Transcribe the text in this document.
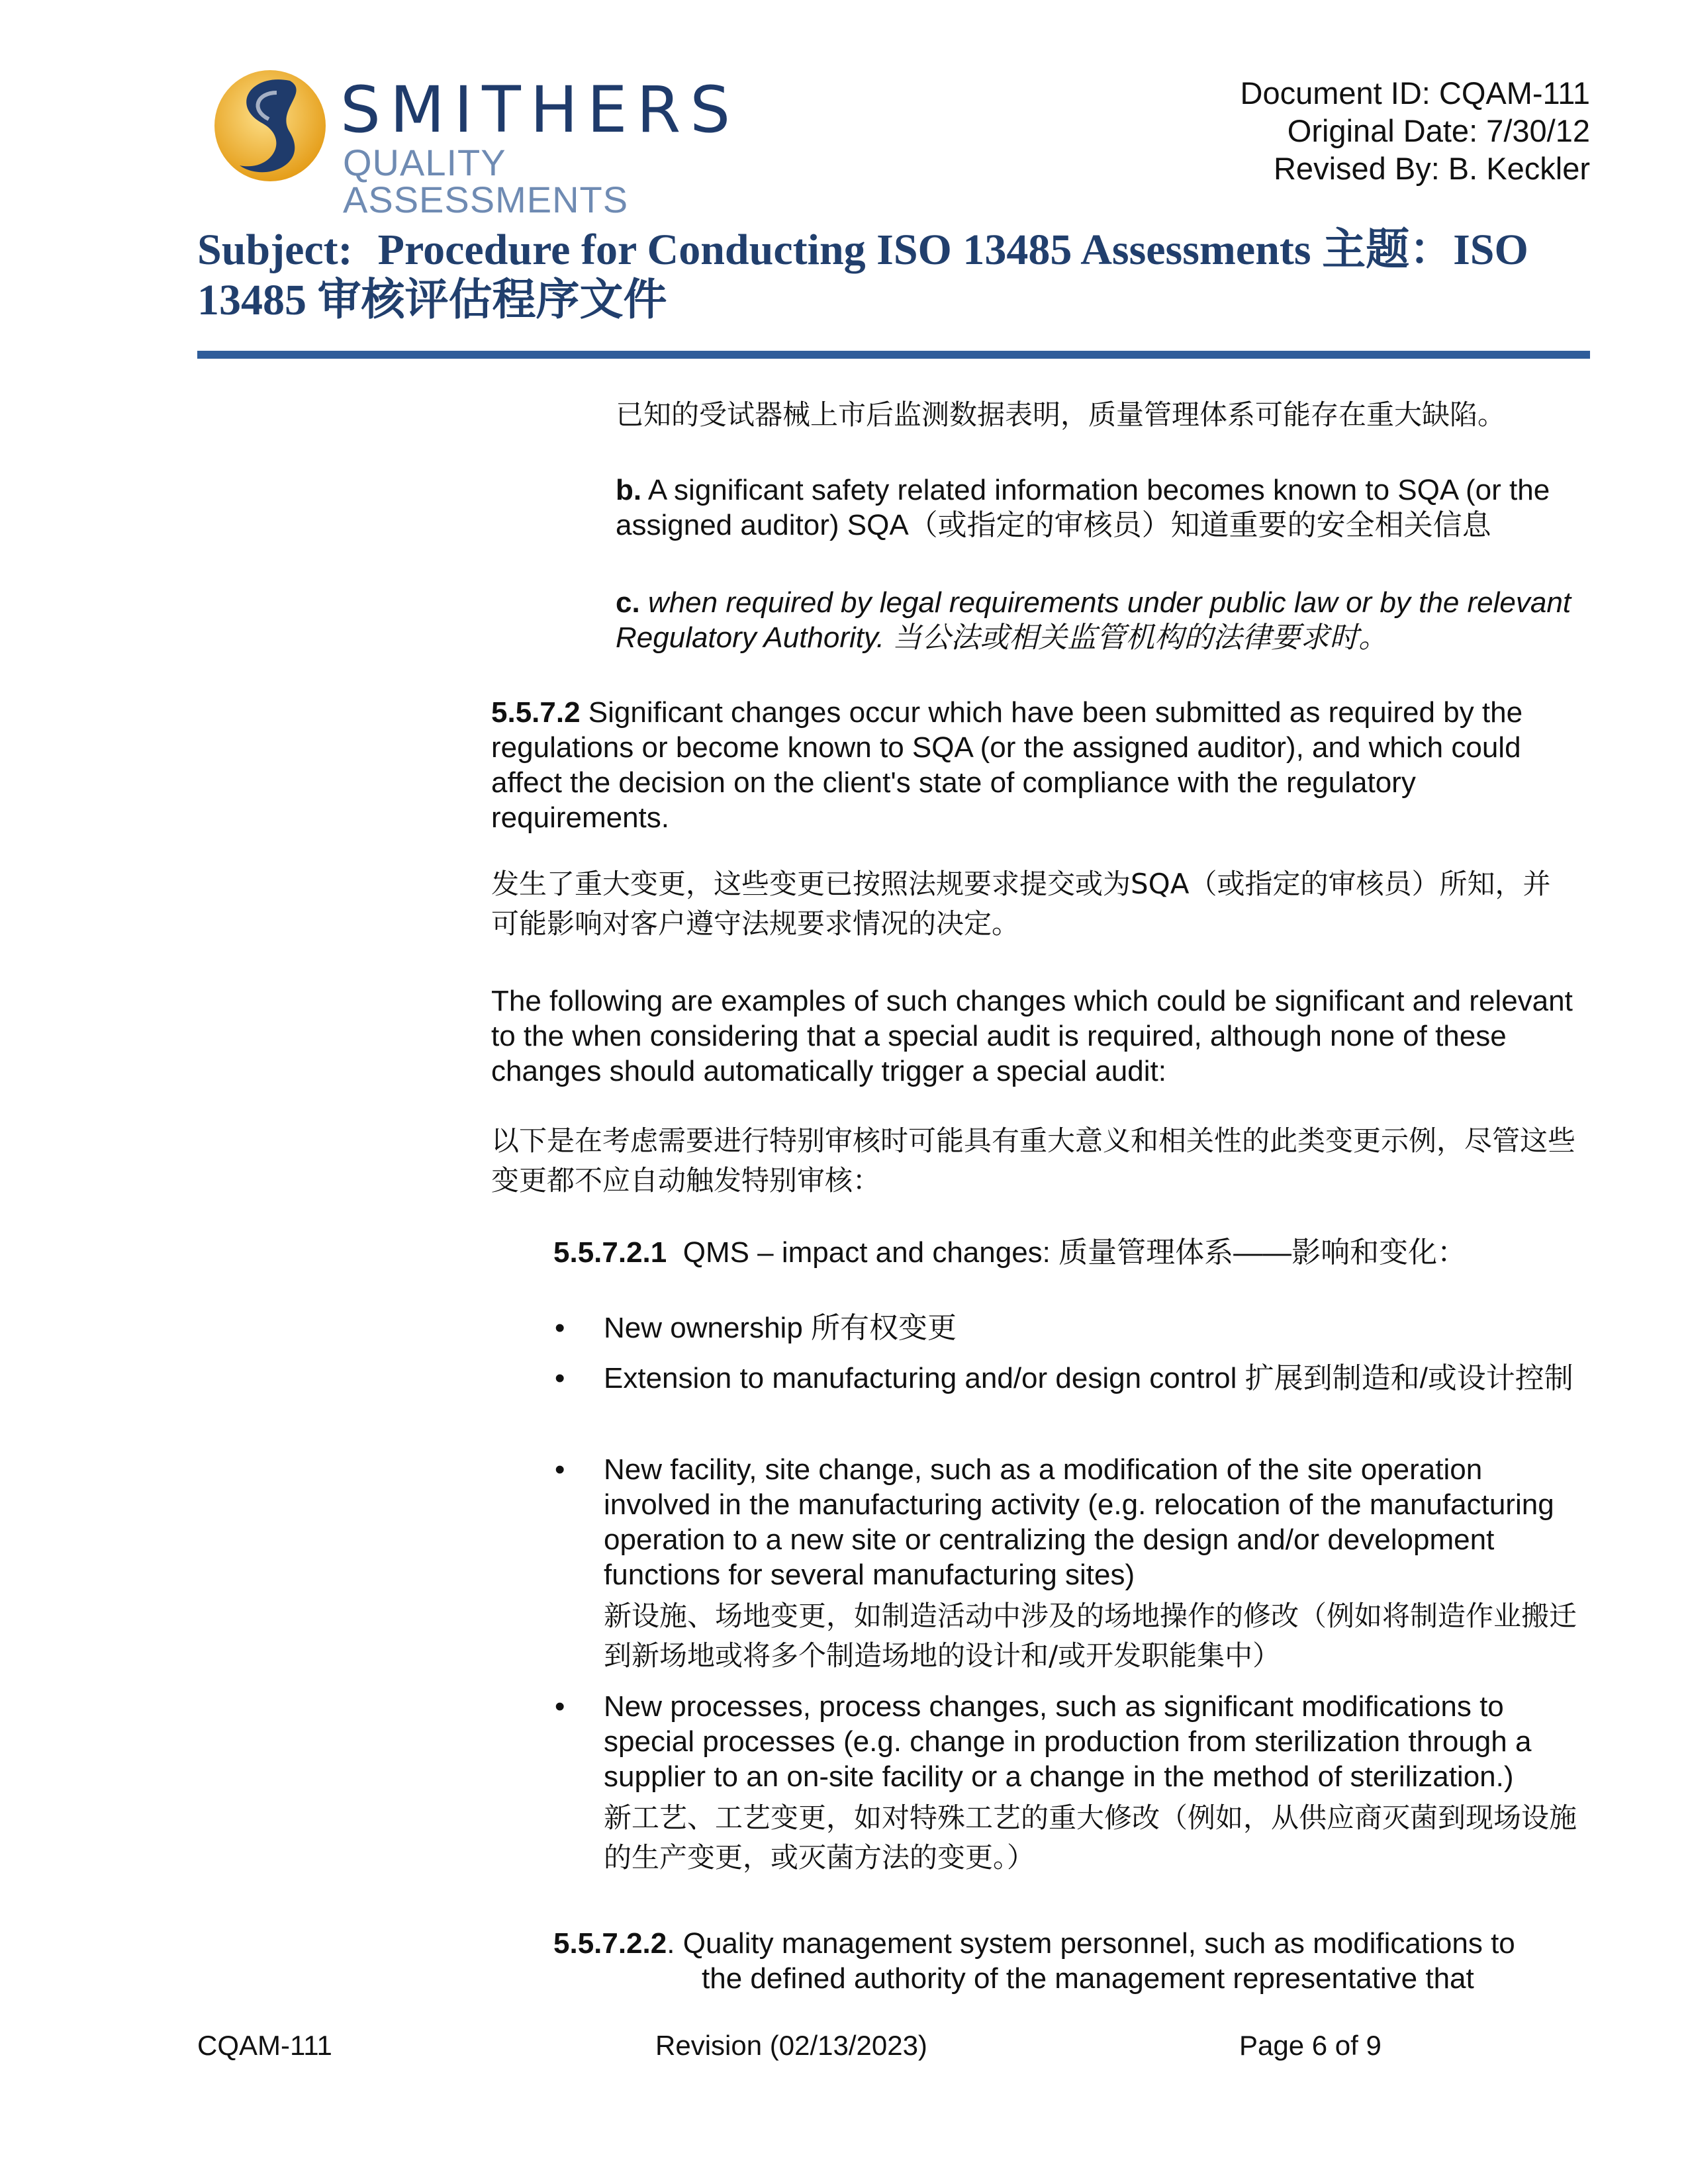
SMITHERS
QUALITY ASSESSMENTS
Document ID: CQAM-111
Original Date: 7/30/12
Revised By: B. Keckler
Subject: Procedure for Conducting ISO 13485 Assessments 主题：ISO 13485 审核评估程序文件
已知的受试器械上市后监测数据表明，质量管理体系可能存在重大缺陷。
b. A significant safety related information becomes known to SQA (or the assigned auditor) SQA（或指定的审核员）知道重要的安全相关信息
c. when required by legal requirements under public law or by the relevant Regulatory Authority. 当公法或相关监管机构的法律要求时。
5.5.7.2 Significant changes occur which have been submitted as required by the regulations or become known to SQA (or the assigned auditor), and which could affect the decision on the client's state of compliance with the regulatory requirements.
发生了重大变更，这些变更已按照法规要求提交或为SQA（或指定的审核员）所知，并可能影响对客户遵守法规要求情况的决定。
The following are examples of such changes which could be significant and relevant to the when considering that a special audit is required, although none of these changes should automatically trigger a special audit:
以下是在考虑需要进行特别审核时可能具有重大意义和相关性的此类变更示例，尽管这些变更都不应自动触发特别审核：
5.5.7.2.1 QMS – impact and changes: 质量管理体系——影响和变化：
• New ownership 所有权变更
• Extension to manufacturing and/or design control 扩展到制造和/或设计控制
• New facility, site change, such as a modification of the site operation involved in the manufacturing activity (e.g. relocation of the manufacturing operation to a new site or centralizing the design and/or development functions for several manufacturing sites)
新设施、场地变更，如制造活动中涉及的场地操作的修改（例如将制造作业搬迁到新场地或将多个制造场地的设计和/或开发职能集中）
• New processes, process changes, such as significant modifications to special processes (e.g. change in production from sterilization through a supplier to an on-site facility or a change in the method of sterilization.)
新工艺、工艺变更，如对特殊工艺的重大修改（例如，从供应商灭菌到现场设施的生产变更，或灭菌方法的变更。）
5.5.7.2.2. Quality management system personnel, such as modifications to
the defined authority of the management representative that
CQAM-111	Revision (02/13/2023)	Page 6 of 9
